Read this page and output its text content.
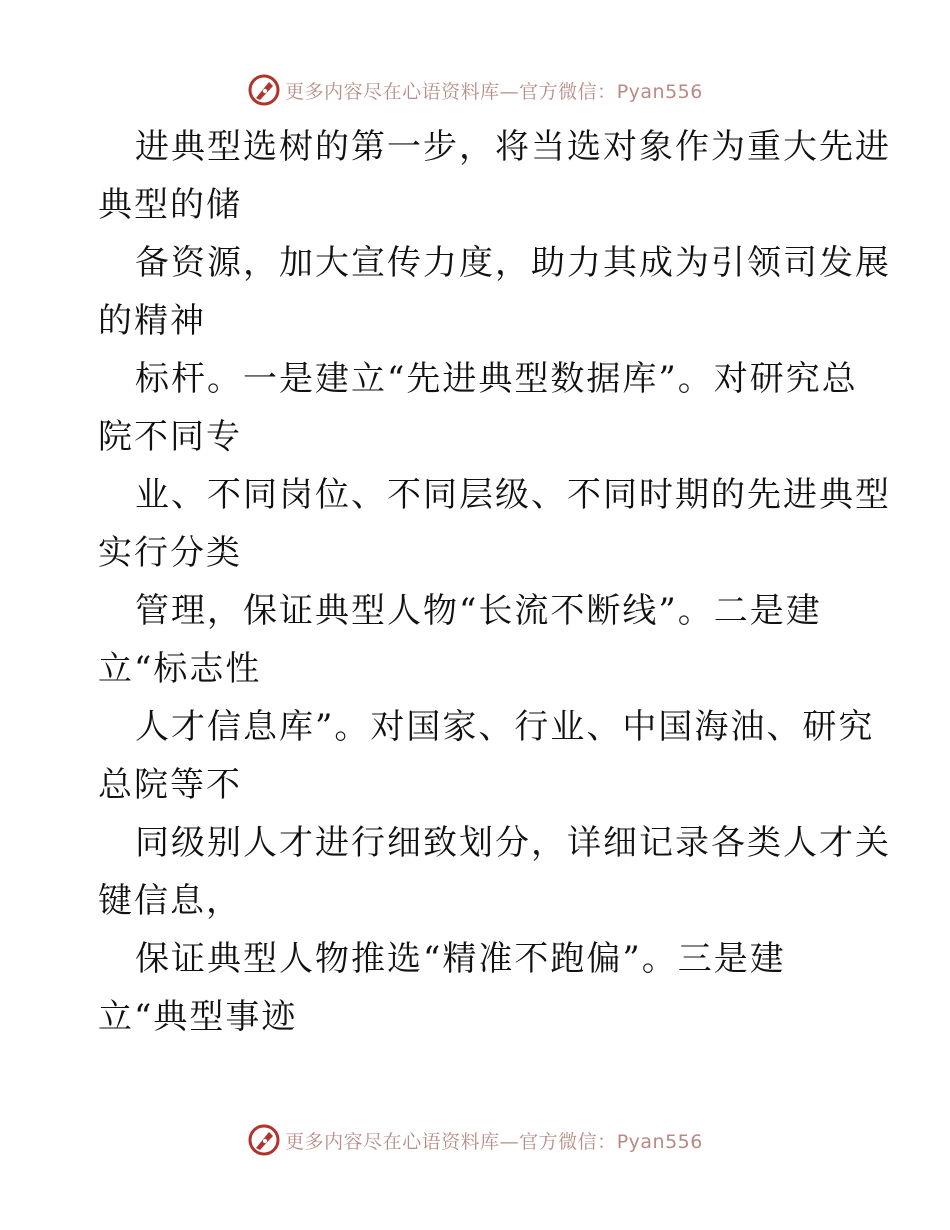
更多内容尽在心语资料库—官方微信：Pyan556
进典型选树的第一步，将当选对象作为重大先进
典型的储
备资源，加大宣传力度，助力其成为引领司发展
的精神
标杆。一是建立“先进典型数据库”。对研究总
院不同专
业、不同岗位、不同层级、不同时期的先进典型
实行分类
管理，保证典型人物“长流不断线”。二是建
立“标志性
人才信息库”。对国家、行业、中国海油、研究
总院等不
同级别人才进行细致划分，详细记录各类人才关
键信息，
保证典型人物推选“精准不跑偏”。三是建
立“典型事迹
更多内容尽在心语资料库—官方微信：Pyan556
